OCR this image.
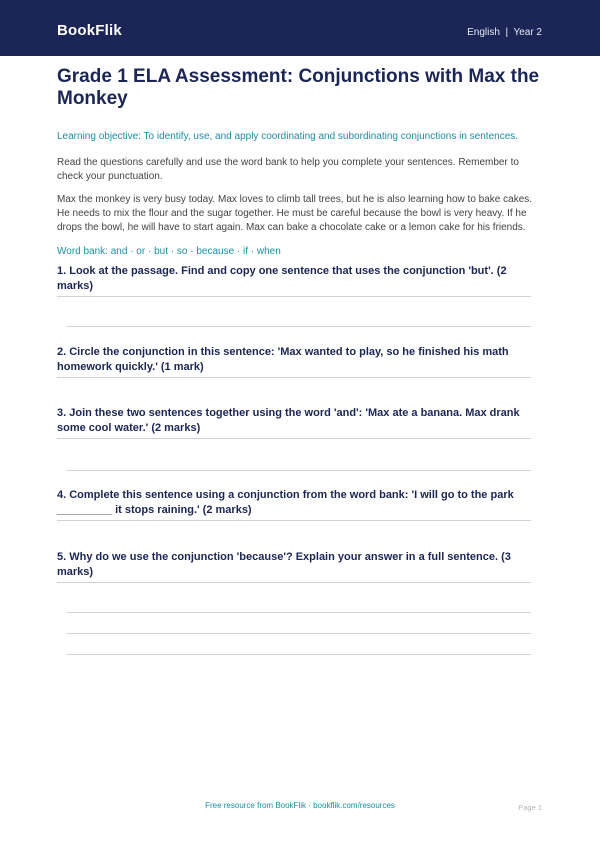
BookFlik	English  |  Year 2
Grade 1 ELA Assessment: Conjunctions with Max the Monkey

Learning objective: To identify, use, and apply coordinating and subordinating conjunctions in sentences.

Read the questions carefully and use the word bank to help you complete your sentences. Remember to check your punctuation.

Max the monkey is very busy today. Max loves to climb tall trees, but he is also learning how to bake cakes. He needs to mix the flour and the sugar together. He must be careful because the bowl is very heavy. If he drops the bowl, he will have to start again. Max can bake a chocolate cake or a lemon cake for his friends.

Word bank: and · or · but · so · because · if · when

1. Look at the passage. Find and copy one sentence that uses the conjunction 'but'. (2 marks)
2. Circle the conjunction in this sentence: 'Max wanted to play, so he finished his math homework quickly.' (1 mark)
3. Join these two sentences together using the word 'and': 'Max ate a banana. Max drank some cool water.' (2 marks)
4. Complete this sentence using a conjunction from the word bank: 'I will go to the park _________ it stops raining.' (2 marks)
5. Why do we use the conjunction 'because'? Explain your answer in a full sentence. (3 marks)
Free resource from BookFlik · bookflik.com/resources	Page 1
